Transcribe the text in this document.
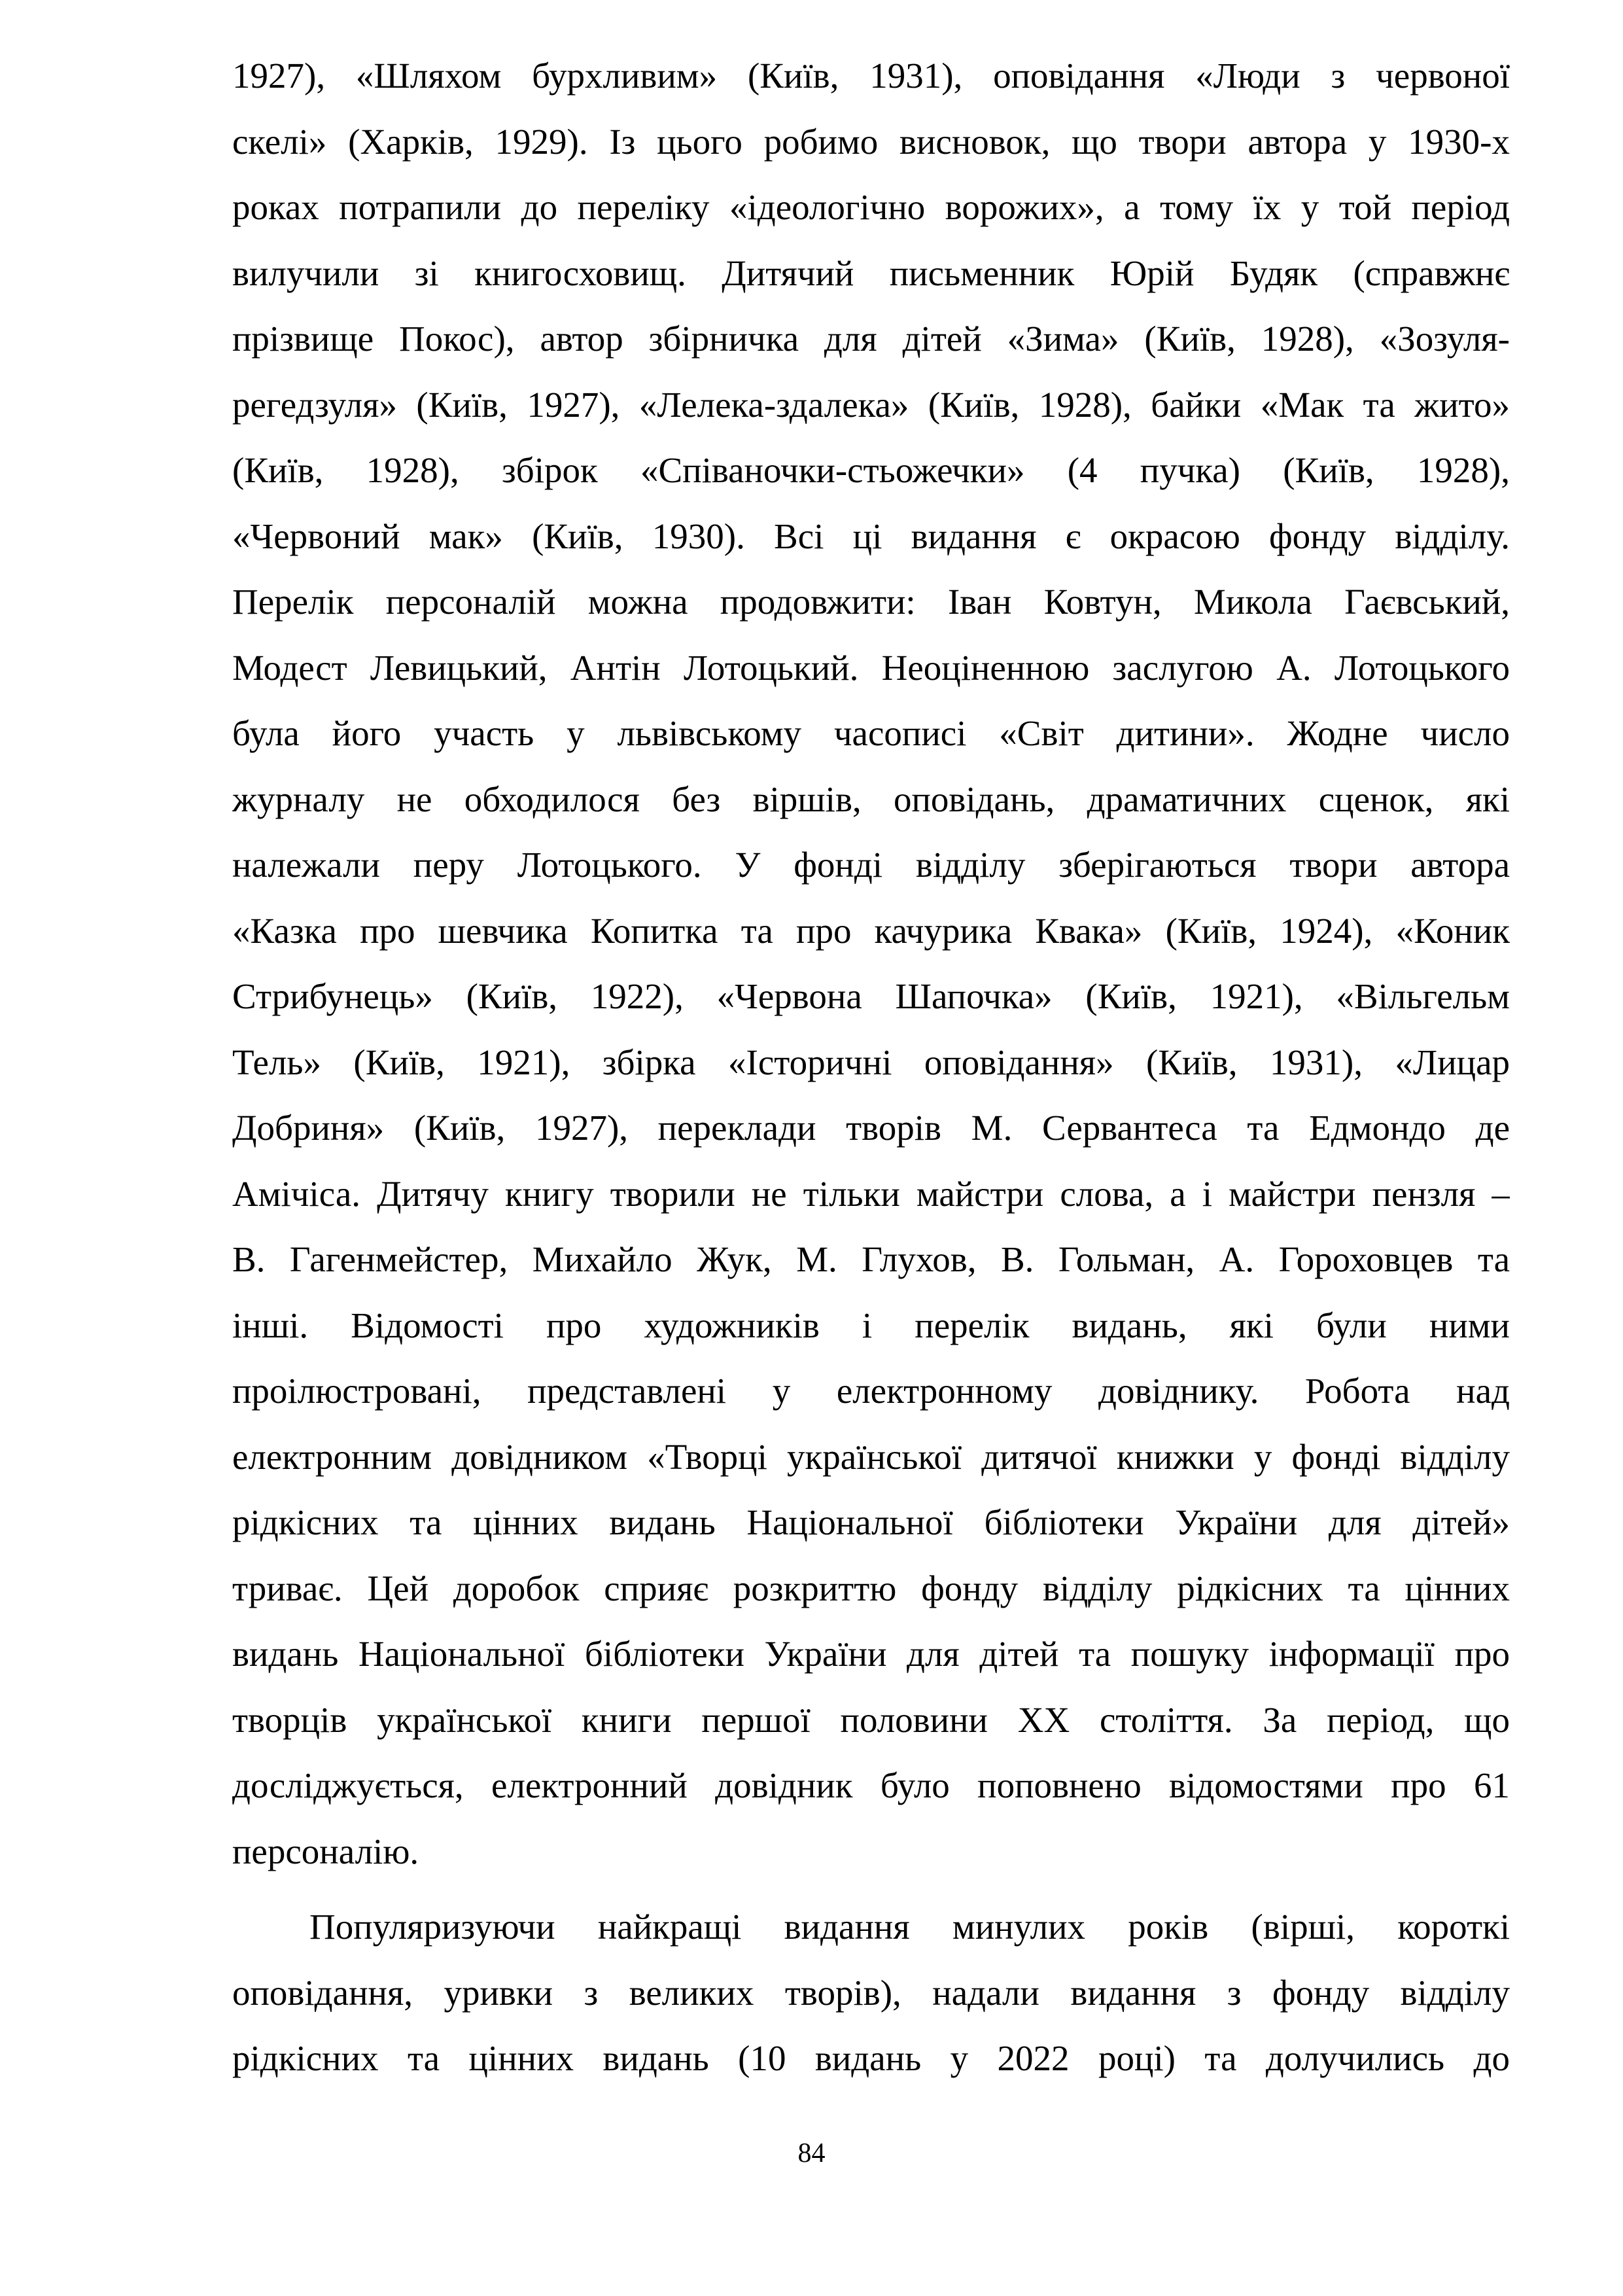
1927), «Шляхом бурхливим» (Київ, 1931), оповідання «Люди з червоної
скелі» (Харків, 1929). Із цього робимо висновок, що твори автора у 1930-х
роках потрапили до переліку «ідеологічно ворожих», а тому їх у той період
вилучили зі книгосховищ. Дитячий письменник Юрій Будяк (справжнє
прізвище Покос), автор збірничка для дітей «Зима» (Київ, 1928), «Зозуля-
регедзуля» (Київ, 1927), «Лелека-здалека» (Київ, 1928), байки «Мак та жито»
(Київ, 1928), збірок «Співаночки-стьожечки» (4 пучка) (Київ, 1928),
«Червоний мак» (Київ, 1930). Всі ці видання є окрасою фонду відділу.
Перелік персоналій можна продовжити: Іван Ковтун, Микола Гаєвський,
Модест Левицький, Антін Лотоцький. Неоціненною заслугою А. Лотоцького
була його участь у львівському часописі «Світ дитини». Жодне число
журналу не обходилося без віршів, оповідань, драматичних сценок, які
належали перу Лотоцького. У фонді відділу зберігаються твори автора
«Казка про шевчика Копитка та про качурика Квака» (Київ, 1924), «Коник
Стрибунець» (Київ, 1922), «Червона Шапочка» (Київ, 1921), «Вільгельм
Тель» (Київ, 1921), збірка «Історичні оповідання» (Київ, 1931), «Лицар
Добриня» (Київ, 1927), переклади творів М. Сервантеса та Едмондо де
Амічіса. Дитячу книгу творили не тільки майстри слова, а і майстри пензля –
В. Гагенмейстер, Михайло Жук, М. Глухов, В. Гольман, А. Гороховцев та
інші. Відомості про художників і перелік видань, які були ними
проілюстровані, представлені у електронному довіднику. Робота над
електронним довідником «Творці української дитячої книжки у фонді відділу
рідкісних та цінних видань Національної бібліотеки України для дітей»
триває. Цей доробок сприяє розкриттю фонду відділу рідкісних та цінних
видань Національної бібліотеки України для дітей та пошуку інформації про
творців української книги першої половини XX століття. За період, що
досліджується, електронний довідник було поповнено відомостями про 61
персоналію.
Популяризуючи найкращі видання минулих років (вірші, короткі
оповідання, уривки з великих творів), надали видання з фонду відділу
рідкісних та цінних видань (10 видань у 2022 році) та долучились до
84
